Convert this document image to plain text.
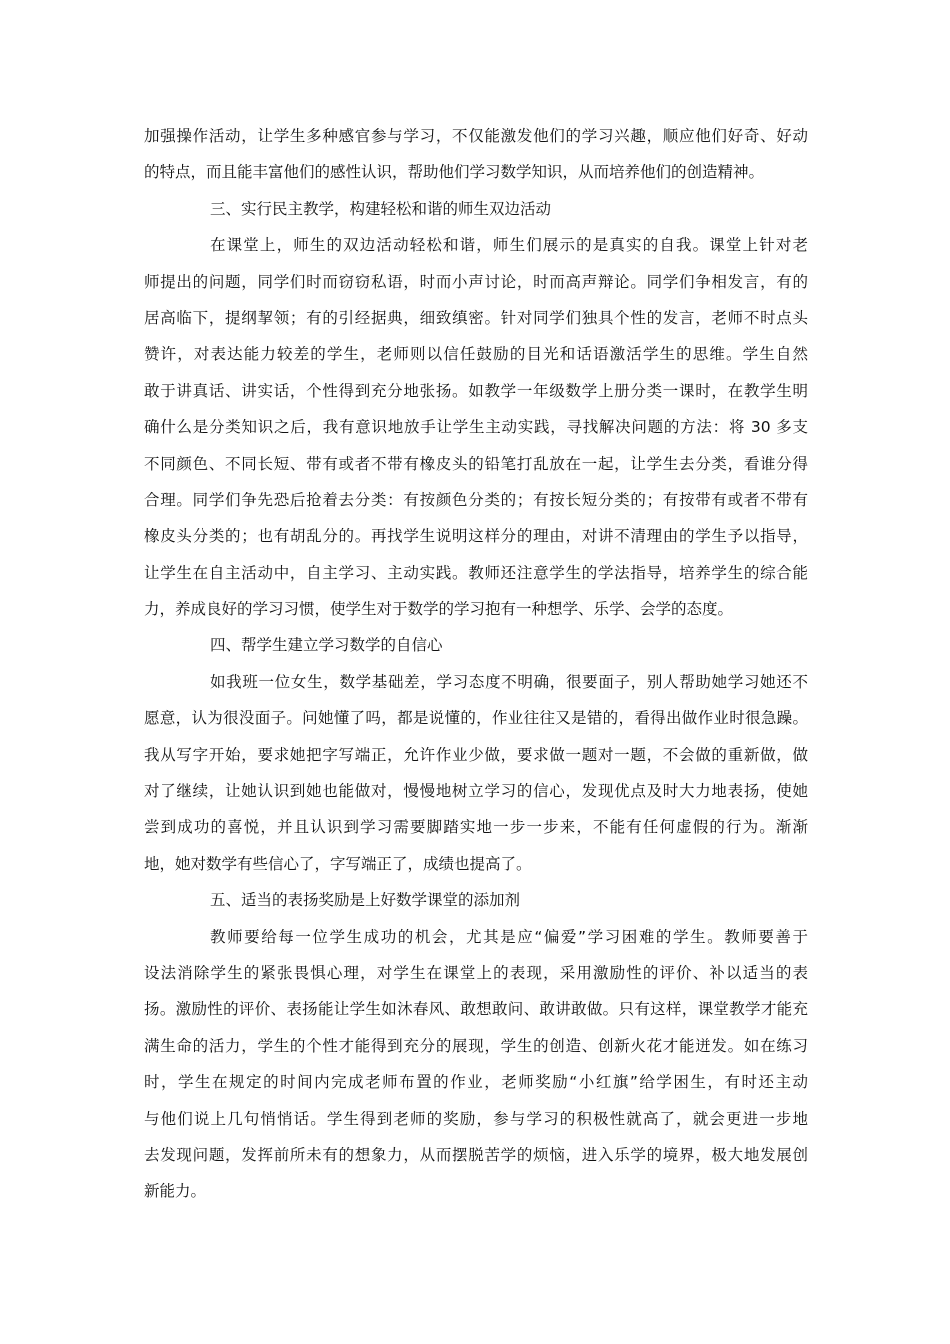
加强操作活动，让学生多种感官参与学习，不仅能激发他们的学习兴趣，顺应他们好奇、好动
的特点，而且能丰富他们的感性认识，帮助他们学习数学知识，从而培养他们的创造精神。
三、实行民主教学，构建轻松和谐的师生双边活动
在课堂上，师生的双边活动轻松和谐，师生们展示的是真实的自我。课堂上针对老
师提出的问题，同学们时而窃窃私语，时而小声讨论，时而高声辩论。同学们争相发言，有的
居高临下，提纲挈领；有的引经据典，细致缜密。针对同学们独具个性的发言，老师不时点头
赞许，对表达能力较差的学生，老师则以信任鼓励的目光和话语激活学生的思维。学生自然
敢于讲真话、讲实话，个性得到充分地张扬。如教学一年级数学上册分类一课时，在教学生明
确什么是分类知识之后，我有意识地放手让学生主动实践，寻找解决问题的方法：将 30 多支
不同颜色、不同长短、带有或者不带有橡皮头的铅笔打乱放在一起，让学生去分类，看谁分得
合理。同学们争先恐后抢着去分类：有按颜色分类的；有按长短分类的；有按带有或者不带有
橡皮头分类的；也有胡乱分的。再找学生说明这样分的理由，对讲不清理由的学生予以指导，
让学生在自主活动中，自主学习、主动实践。教师还注意学生的学法指导，培养学生的综合能
力，养成良好的学习习惯，使学生对于数学的学习抱有一种想学、乐学、会学的态度。
四、帮学生建立学习数学的自信心
如我班一位女生，数学基础差，学习态度不明确，很要面子，别人帮助她学习她还不
愿意，认为很没面子。问她懂了吗，都是说懂的，作业往往又是错的，看得出做作业时很急躁。
我从写字开始，要求她把字写端正，允许作业少做，要求做一题对一题，不会做的重新做，做
对了继续，让她认识到她也能做对，慢慢地树立学习的信心，发现优点及时大力地表扬，使她
尝到成功的喜悦，并且认识到学习需要脚踏实地一步一步来，不能有任何虚假的行为。渐渐
地，她对数学有些信心了，字写端正了，成绩也提高了。
五、适当的表扬奖励是上好数学课堂的添加剂
教师要给每一位学生成功的机会，尤其是应“偏爱”学习困难的学生。教师要善于
设法消除学生的紧张畏惧心理，对学生在课堂上的表现，采用激励性的评价、补以适当的表
扬。激励性的评价、表扬能让学生如沐春风、敢想敢问、敢讲敢做。只有这样，课堂教学才能充
满生命的活力，学生的个性才能得到充分的展现，学生的创造、创新火花才能迸发。如在练习
时，学生在规定的时间内完成老师布置的作业，老师奖励“小红旗”给学困生，有时还主动
与他们说上几句悄悄话。学生得到老师的奖励，参与学习的积极性就高了，就会更进一步地
去发现问题，发挥前所未有的想象力，从而摆脱苦学的烦恼，进入乐学的境界，极大地发展创
新能力。
